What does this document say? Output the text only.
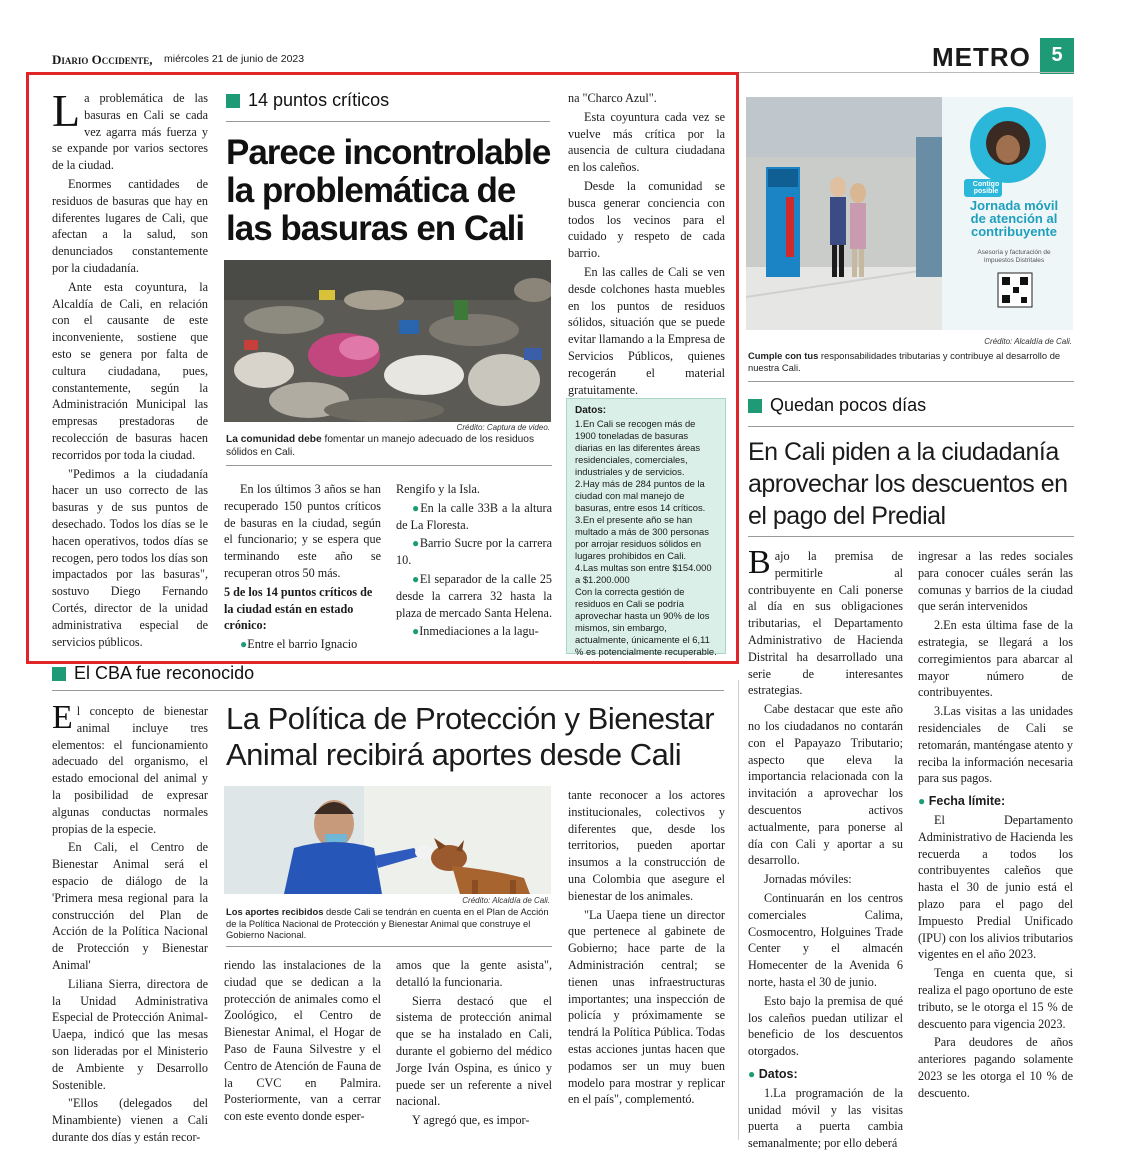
Diario Occidente, miércoles 21 de junio de 2023	METRO	5
L a problemática de las basuras en Cali se cada vez agarra más fuerza y se expande por varios sectores de la ciudad.

Enormes cantidades de residuos de basuras que hay en diferentes lugares de Cali, que afectan a la salud, son denunciados constantemente por la ciudadanía.

Ante esta coyuntura, la Alcaldía de Cali, en relación con el causante de este inconveniente, sostiene que esto se genera por falta de cultura ciudadana, pues, constantemente, según la Administración Municipal las empresas prestadoras de recolección de basuras hacen recorridos por toda la ciudad.

"Pedimos a la ciudadanía hacer un uso correcto de las basuras y de sus puntos de desechado. Todos los días se le hacen operativos, todos días se recogen, pero todos los días son impactados por las basuras", sostuvo Diego Fernando Cortés, director de la unidad administrativa especial de servicios públicos.

14 puntos críticos
Parece incontrolable la problemática de las basuras en Cali
Crédito: Captura de video.
La comunidad debe fomentar un manejo adecuado de los residuos sólidos en Cali.

En los últimos 3 años se han recuperado 150 puntos críticos de basuras en la ciudad, según el funcionario; y se espera que terminando este año se recuperan otros 50 más.

5 de los 14 puntos críticos de la ciudad están en estado crónico:

●Entre el barrio Ignacio

Rengifo y la Isla.

●En la calle 33B a la altura de La Floresta.

●Barrio Sucre por la carrera 10.

●El separador de la calle 25 desde la carrera 32 hasta la plaza de mercado Santa Helena.

●Inmediaciones a la lagu-

na "Charco Azul".

Esta coyuntura cada vez se vuelve más crítica por la ausencia de cultura ciudadana en los caleños.

Desde la comunidad se busca generar conciencia con todos los vecinos para el cuidado y respeto de cada barrio.

En las calles de Cali se ven desde colchones hasta muebles en los puntos de residuos sólidos, situación que se puede evitar llamando a la Empresa de Servicios Públicos, quienes recogerán el material gratuitamente.

Datos:
1.En Cali se recogen más de 1900 toneladas de basuras diarias en las diferentes áreas residenciales, comerciales, industriales y de servicios.
2.Hay más de 284 puntos de la ciudad con mal manejo de basuras, entre esos 14 críticos.
3.En el presente año se han multado a más de 300 personas por arrojar residuos sólidos en lugares prohibidos en Cali.
4.Las multas son entre $154.000 a $1.200.000
Con la correcta gestión de residuos en Cali se podría aprovechar hasta un 90% de los mismos, sin embargo, actualmente, únicamente el 6,11 % es potencialmente recuperable.
El CBA fue reconocido
E l concepto de bienestar animal incluye tres elementos: el funcionamiento adecuado del organismo, el estado emocional del animal y la posibilidad de expresar algunas conductas normales propias de la especie.

En Cali, el Centro de Bienestar Animal será el espacio de diálogo de la 'Primera mesa regional para la construcción del Plan de Acción de la Política Nacional de Protección y Bienestar Animal'

Liliana Sierra, directora de la Unidad Administrativa Especial de Protección Animal-Uaepa, indicó que las mesas son lideradas por el Ministerio de Ambiente y Desarrollo Sostenible.

"Ellos (delegados del Minambiente) vienen a Cali durante dos días y están recor-

La Política de Protección y Bienestar Animal recibirá aportes desde Cali
Crédito: Alcaldía de Cali.
Los aportes recibidos desde Cali se tendrán en cuenta en el Plan de Acción de la Política Nacional de Protección y Bienestar Animal que construye el Gobierno Nacional.

riendo las instalaciones de la ciudad que se dedican a la protección de animales como el Zoológico, el Centro de Bienestar Animal, el Hogar de Paso de Fauna Silvestre y el Centro de Atención de Fauna de la CVC en Palmira. Posteriormente, van a cerrar con este evento donde esper-

amos que la gente asista", detalló la funcionaria.

Sierra destacó que el sistema de protección animal que se ha instalado en Cali, durante el gobierno del médico Jorge Iván Ospina, es único y puede ser un referente a nivel nacional.

Y agregó que, es impor-

tante reconocer a los actores institucionales, colectivos y diferentes que, desde los territorios, pueden aportar insumos a la construcción de una Colombia que asegure el bienestar de los animales.

"La Uaepa tiene un director que pertenece al gabinete de Gobierno; hace parte de la Administración central; se tienen unas infraestructuras importantes; una inspección de policía y próximamente se tendrá la Política Pública. Todas estas acciones juntas hacen que podamos ser un muy buen modelo para mostrar y replicar en el país", complementó.

Contigo posible
Jornada móvil de atención al contribuyente
Asesoría y facturación de Impuestos Distritales
Crédito: Alcaldía de Cali.
Cumple con tus responsabilidades tributarias y contribuye al desarrollo de nuestra Cali.
Quedan pocos días
En Cali piden a la ciudadanía aprovechar los descuentos en el pago del Predial
B ajo la premisa de permitirle al contribuyente en Cali ponerse al día en sus obligaciones tributarias, el Departamento Administrativo de Hacienda Distrital ha desarrollado una serie de interesantes estrategias.

Cabe destacar que este año no los ciudadanos no contarán con el Papayazo Tributario; aspecto que eleva la importancia relacionada con la invitación a aprovechar los descuentos activos actualmente, para ponerse al día con Cali y aportar a su desarrollo.

Jornadas móviles:

Continuarán en los centros comerciales Calima, Cosmocentro, Holguines Trade Center y el almacén Homecenter de la Avenida 6 norte, hasta el 30 de junio.

Esto bajo la premisa de qué los caleños puedan utilizar el beneficio de los descuentos otorgados.

● Datos:

1.La programación de la unidad móvil y las visitas puerta a puerta cambia semanalmente; por ello deberá

ingresar a las redes sociales para conocer cuáles serán las comunas y barrios de la ciudad que serán intervenidos

2.En esta última fase de la estrategia, se llegará a los corregimientos para abarcar al mayor número de contribuyentes.

3.Las visitas a las unidades residenciales de Cali se retomarán, manténgase atento y reciba la información necesaria para sus pagos.

● Fecha límite:

El Departamento Administrativo de Hacienda les recuerda a todos los contribuyentes caleños que hasta el 30 de junio está el plazo para el pago del Impuesto Predial Unificado (IPU) con los alivios tributarios vigentes en el año 2023.

Tenga en cuenta que, si realiza el pago oportuno de este tributo, se le otorga el 15 % de descuento para vigencia 2023.

Para deudores de años anteriores pagando solamente 2023 se les otorga el 10 % de descuento.
